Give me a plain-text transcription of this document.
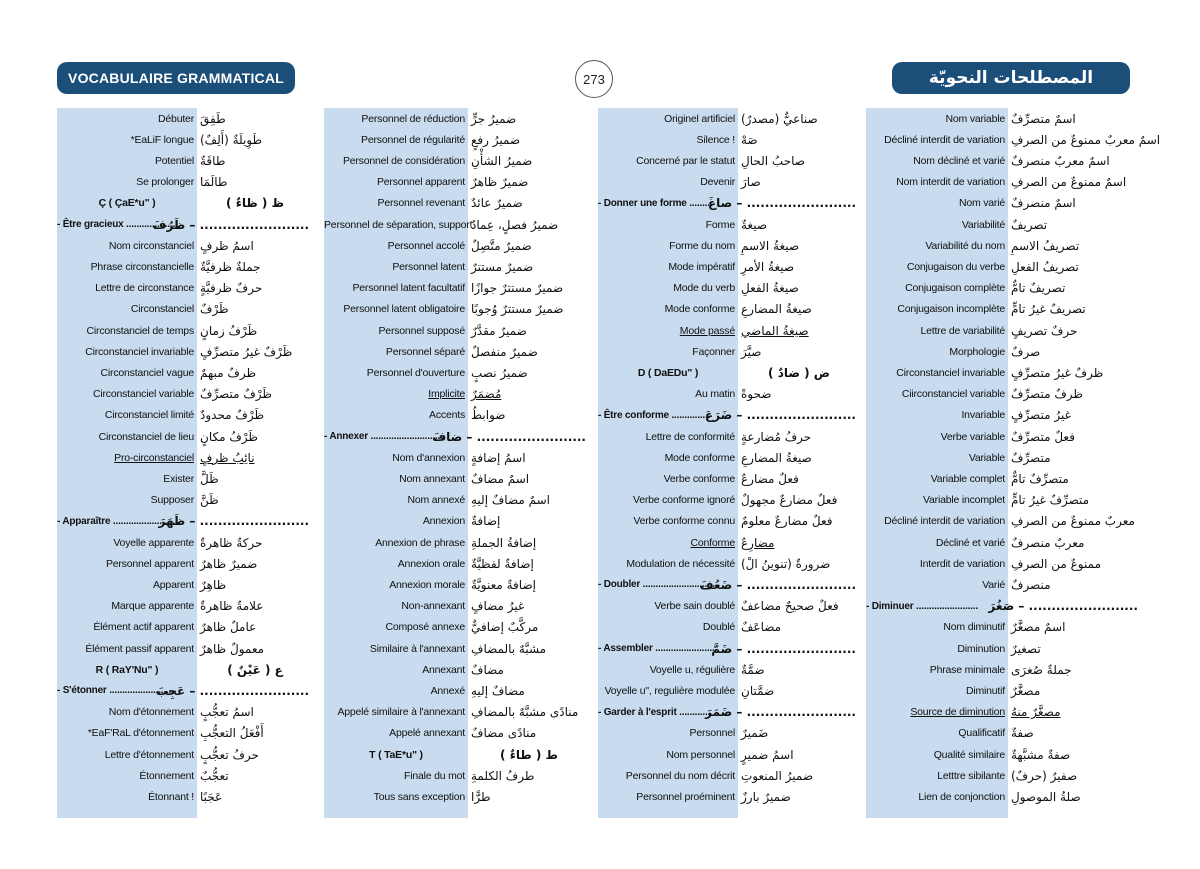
VOCABULAIRE GRAMMATICAL	273	المصطلحات النحويّة
Débuter طَفِقَ
*EaLiF longue طَوِيلَةٌ (أَلِفٌ)
Potentiel طاقَةٌ
Se prolonger طالَمَا
Ç ( ÇaE*u" )	ظ ( ظاءٌ )
- Être gracieux ....................
........................ – ظَرُفَ
Nom circonstanciel اسمُ ظرفٍ
Phrase circonstancielle جملةٌ ظرفيَّةٌ
Lettre de circonstance حرفٌ ظرفيَّةٍ
Circonstanciel ظَرْفٌ
Circonstanciel de temps ظَرْفُ زمانٍ
Circonstanciel invariable ظَرْفٌ غيرُ متصرِّفٍ
Circonstanciel vague ظرفٌ مبهمٌ
Circonstanciel variable ظَرْفٌ متصرِّفٌ
Circonstanciel limité ظَرْفٌ محدودٌ
Circonstanciel de lieu ظَرْفُ مكانٍ
Pro-circonstanciel نائِبُ ظرفٍ
Exister ظَلَّ
Supposer ظَنَّ
- Apparaître ........................
........................ – ظَهَرَ
Voyelle apparente حركةٌ ظاهرةٌ
Personnel apparent ضميرٌ ظاهرٌ
Apparent ظاهِرٌ
Marque apparente علامةٌ ظاهرةٌ
Élément actif apparent عاملٌ ظاهرٌ
Élément passif apparent معمولٌ ظاهرٌ
R ( RaY'Nu" )	ع ( عَيْنٌ )
- S'étonner .........................
........................ – عَجِبَ
Nom d'étonnement اسمُ تعجُّبٍ
*EaF'RaL d'étonnement أَفْعَلُ التعجُّبِ
Lettre d'étonnement حرفُ تعجُّبٍ
Étonnement تعجُّبٌ
Étonnant ! عَجَبًا
Personnel de réduction ضميرُ جرٍّ
Personnel de régularité ضميرُ رفعٍ
Personnel de considération ضميرُ الشأْنِ
Personnel apparent ضميرٌ ظاهرٌ
Personnel revenant ضميرٌ عائدٌ
Personnel de séparation, support
ضميرُ فصلٍ، عِمادٌ
Personnel accolé ضميرٌ متَّصِلٌ
Personnel latent ضميرٌ مستترٌ
Personnel latent facultatif ضميرٌ مستترٌ جوازًا
Personnel latent obligatoire ضميرٌ مستترٌ وُجوبًا
Personnel supposé ضميرٌ مقدَّرٌ
Personnel séparé ضميرٌ منفصلٌ
Personnel d'ouverture ضميرُ نصبٍ
Implicite مُضمَرٌ
Accents ضوابطُ
- Annexer ...........................
........................ – ضافَ
Nom d'annexion اسمُ إضافةٍ
Nom annexant اسمٌ مضافٌ
Nom annexé اسمٌ مضافٌ إليهِ
Annexion إضافةٌ
Annexion de phrase إضافةُ الجملةِ
Annexion orale إضافةٌ لفظيَّةٌ
Annexion morale إضافةٌ معنويَّةٌ
Non-annexant غيرُ مضافٍ
Composé annexe مركَّبٌ إضافيٌّ
Similaire à l'annexant مشبَّهٌ بالمضافِ
Annexant مضافٌ
Annexé مضافٌ إليهِ
Appelé similaire à l'annexant منادًى مشبَّهٌ بالمضافِ
Appelé annexant منادًى مضافٌ
T ( TaE*u" )	ط ( طاءٌ )
Finale du mot طرفُ الكلمةِ
Tous sans exception طرًّا
Originel artificiel صناعيٌّ (مصدرٌ)
Silence ! صَهْ
Concerné par le statut صاحبُ الحالِ
Devenir صارَ
- Donner une forme .........
........................ – صاغَ
Forme صيغةٌ
Forme du nom صيغةُ الاسمِ
Mode impératif صيغةُ الأمرِ
Mode du verb صيغةُ الفعلِ
Mode conforme صيغةُ المضارعِ
Mode passé صيغةُ الماضي
Façonner صيَّرَ
D ( DaEDu" )	ض ( ضادٌ )
Au matin ضحوةً
- Être conforme ...............
........................ – ضَرَعَ
Lettre de conformité حرفُ مُضارعةٍ
Mode conforme صيغةُ المضارعِ
Verbe conforme فعلٌ مضارعٌ
Verbe conforme ignoré فعلٌ مضارعٌ مجهولٌ
Verbe conforme connu فعلٌ مضارعٌ معلومٌ
Conforme مضارِعٌ
Modulation de nécessité ضرورةٌ (تنوينُ الْ)
- Doubler ............................
........................ – ضَعُفَ
Verbe sain doublé فعلٌ صحيحٌ مضاعفٌ
Doublé مضاعَفٌ
- Assembler .......................
........................ – ضَمَّ
Voyelle u, régulière ضمَّةٌ
Voyelle u", regulière modulée ضمَّتانِ
- Garder à l'esprit ............
........................ – ضَمَرَ
Personnel ضَميرٌ
Nom personnel اسمُ ضميرٍ
Personnel du nom décrit ضميرُ المنعوتِ
Personnel proéminent ضميرٌ بارزٌ
Nom variable اسمٌ متصرِّفٌ
Décliné interdit de variation اسمٌ معربٌ ممنوعٌ من الصرفِ
Nom décliné et varié اسمٌ معربٌ منصرفٌ
Nom interdit de variation اسمٌ ممنوعٌ من الصرفِ
Nom varié اسمٌ منصرفٌ
Variabilité تصريفٌ
Variabilité du nom تصريفُ الاسمِ
Conjugaison du verbe تصريفُ الفعلِ
Conjugaison complète تصريفٌ تامٌّ
Conjugaison incomplète تصريفٌ غيرُ تامٍّ
Lettre de variabilité حرفٌ تصريفٍ
Morphologie صرفٌ
Circonstanciel invariable ظرفٌ غيرُ متصرِّفٍ
Ciirconstanciel variable ظرفٌ متصرِّفٌ
Invariable غيرُ متصرِّفٍ
Verbe variable فعلٌ متصرِّفٌ
Variable متصرِّفٌ
Variable complet متصرِّفٌ تامٌّ
Variable incomplet متصرِّفٌ غيرُ تامٍّ
Décliné interdit de variation معربٌ ممنوعٌ من الصرفِ
Décliné et varié معربٌ منصرفٌ
Interdit de variation ممنوعٌ من الصرفِ
Varié منصرفٌ
- Diminuer ........................ ........................ – صَغُرَ
Nom diminutif اسمٌ مصغَّرٌ
Diminution تصغيرٌ
Phrase minimale جملةٌ صُغرَى
Diminutif مصغَّرٌ
Source de diminution مصغَّرٌ منهُ
Qualificatif صفةٌ
Qualité similaire صفةٌ مشبَّهةٌ
Letttre sibilante صفيرٌ (حرفٌ)
Lien de conjonction صلةُ الموصولِ
